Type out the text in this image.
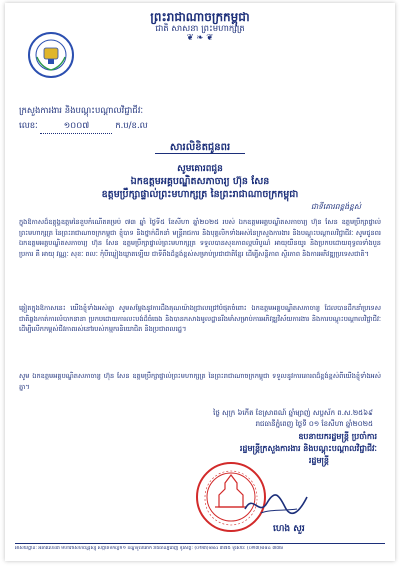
ព្រះរាជាណាចក្រកម្ពុជា
ជាតិ សាសនា ព្រះមហាក្សត្រ
❦ ❧ ❦
ក្រសួងការងារ និងបណ្តុះបណ្តាលវិជ្ជាជីវៈ
លេខៈ	១០០៧	ក.ប/ខ.ល
សារលិខិតជូនពរ
សូមគោរពជូន
ឯកឧត្តមអគ្គបណ្ឌិតសភាចារ្យ ហ៊ុន សែន
ឧត្តមប្រឹក្សាផ្ទាល់ព្រះមហាក្សត្រ នៃព្រះរាជាណាចក្រកម្ពុជា
ជាទីគោរពខ្ពង់ខ្ពស់
ក្នុងឱកាសដ៏ឧត្តុង្គឧត្តមនៃខួបកំណើតគម្រប់ ៧៣ ឆ្នាំ ថ្ងៃទី៥ ខែសីហា ឆ្នាំ២០២៥ របស់ ឯកឧត្តមអគ្គបណ្ឌិតសភាចារ្យ ហ៊ុន សែន ឧត្តមប្រឹក្សាផ្ទាល់ព្រះមហាក្សត្រ នៃព្រះរាជាណាចក្រកម្ពុជា ខ្ញុំបាទ និងថ្នាក់ដឹកនាំ មន្ត្រីរាជការ និងបុគ្គលិកទាំងអស់នៃក្រសួងការងារ និងបណ្តុះបណ្តាលវិជ្ជាជីវៈ សូមជូនពរ ឯកឧត្តមអគ្គបណ្ឌិតសភាចារ្យ ហ៊ុន សែន ឧត្តមប្រឹក្សាផ្ទាល់ព្រះមហាក្សត្រ ទទួលបានសុខភាពល្អបរិបូណ៌ អាយុយឺនយូរ និងប្រកបដោយពុទ្ធពរទាំងបួនប្រការ គឺ អាយុ វណ្ណៈ សុខៈ ពលៈ កុំបីឃ្លៀងឃ្លាតឡើយ ជាទីពឹងដ៏ខ្ពង់ខ្ពស់សម្រាប់ប្រជាជាតិខ្មែរ ដើម្បីសន្តិភាព ស្ថិរភាព និងការអភិវឌ្ឍប្រទេសជាតិ។
ឆ្លៀតក្នុងឱកាសនេះ យើងខ្ញុំទាំងអស់គ្នា សូមសម្តែងនូវការដឹងគុណយ៉ាងជ្រាលជ្រៅបំផុតចំពោះ ឯកឧត្តមអគ្គបណ្ឌិតសភាចារ្យ ដែលបានដឹកនាំប្រទេសជាតិឆ្លងកាត់ការលំបាកនានា ប្រកបដោយការលះបង់ដ៏ធំធេង និងបានកសាងមូលដ្ឋានរឹងមាំសម្រាប់ការអភិវឌ្ឍវិស័យការងារ និងការបណ្តុះបណ្តាលវិជ្ជាជីវៈ ដើម្បីលើកកម្ពស់ជីវភាពរស់នៅរបស់កម្មករនិយោជិត និងប្រជាពលរដ្ឋ។
សូម ឯកឧត្តមអគ្គបណ្ឌិតសភាចារ្យ ហ៊ុន សែន ឧត្តមប្រឹក្សាផ្ទាល់ព្រះមហាក្សត្រ នៃព្រះរាជាណាចក្រកម្ពុជា ទទួលនូវការគោរពដ៏ខ្ពង់ខ្ពស់ពីយើងខ្ញុំទាំងអស់គ្នា។
ថ្ងៃ សុក្រ ៦កើត ខែស្រាពណ៍ ឆ្នាំម្សាញ់ សប្តស័ក ព.ស.២៥៦៩
រាជធានីភ្នំពេញ ថ្ងៃទី ០១ ខែសីហា ឆ្នាំ២០២៥
ឧបនាយករដ្ឋមន្ត្រី ប្រចាំការ
រដ្ឋមន្ត្រីក្រសួងការងារ និងបណ្តុះបណ្តាលវិជ្ជាជីវៈ
រដ្ឋមន្ត្រី
ហេង សួរ
អាសយដ្ឋាន: អគារលេខ៣ មហាវិថីសហព័ន្ធរុស្ស៊ី សង្កាត់ទឹកល្អក់១ ខណ្ឌទួលគោក រាជធានីភ្នំពេញ ទូរស័ព្ទ: (០២៣)៨៨៤ ៣៧៥ ទូរសារ: (០២៣)៨៨៤ ៣៧៦
